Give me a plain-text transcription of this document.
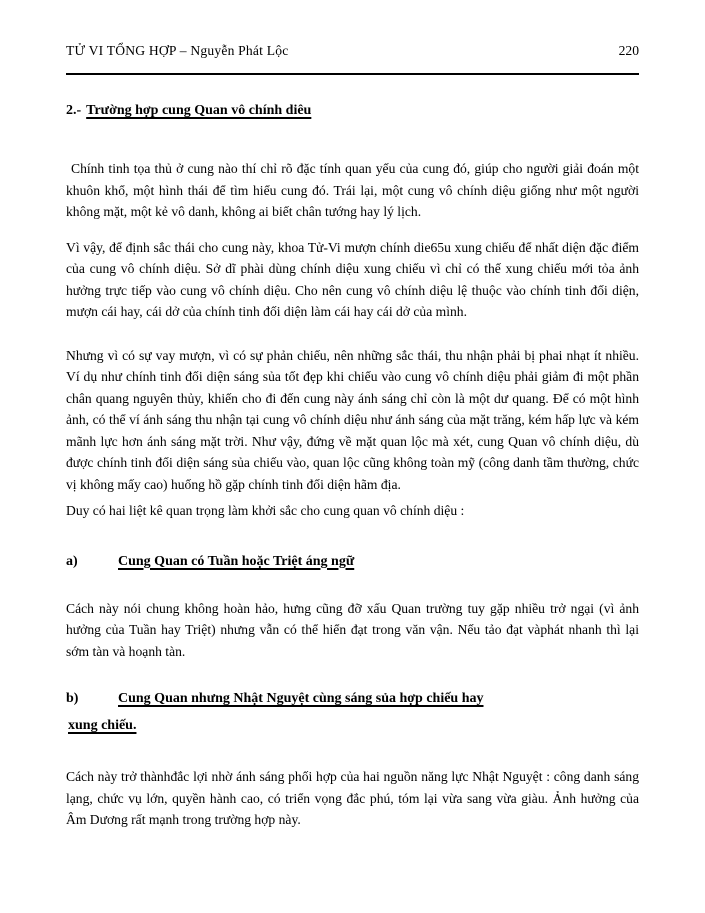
TỬ VI TỔNG HỢP – Nguyễn Phát Lộc	220
2.- Trường hợp cung Quan vô chính diêu

Chính tinh tọa thủ ở cung nào thí chỉ rõ đặc tính quan yếu của cung đó, giúp cho người giải đoán một khuôn khổ, một hình thái để tìm hiểu cung đó. Trái lại, một cung vô chính diệu giống như một người không mặt, một kẻ vô danh, không ai biết chân tướng hay lý lịch.

Vì vậy, để định sắc thái cho cung này, khoa Tử-Vi mượn chính die65u xung chiếu để nhất diện đặc điểm của cung vô chính diệu. Sở dĩ phài dùng chính diệu xung chiếu vì chỉ có thế xung chiếu mới tỏa ảnh hưởng trực tiếp vào cung vô chính diệu. Cho nên cung vô chính diệu lệ thuộc vào chính tinh đối diện, mượn cái hay, cái dở của chính tinh đối diện làm cái hay cái dở của mình.

Nhưng vì có sự vay mượn, vì có sự phản chiếu, nên những sắc thái, thu nhận phải bị phai nhạt ít nhiều. Ví dụ như chính tinh đối diện sáng sủa tốt đẹp khi chiếu vào cung vô chính diệu phải giảm đi một phần chân quang nguyên thủy, khiến cho đi đến cung này ánh sáng chỉ còn là một dư quang. Để có một hình ảnh, có thể ví ánh sáng thu nhận tại cung vô chính diệu như ánh sáng của mặt trăng, kém hấp lực và kém mãnh lực hơn ánh sáng mặt trời. Như vậy, đứng về mặt quan lộc mà xét, cung Quan vô chính diệu, dù được chính tinh đối diện sáng sủa chiếu vào, quan lộc cũng không toàn mỹ (công danh tầm thường, chức vị không mấy cao) huống hồ gặp chính tinh đối diện hãm địa.

Duy có hai liệt kê quan trọng làm khởi sắc cho cung quan vô chính diệu :

a)	Cung Quan có Tuần hoặc Triệt áng ngữ

Cách này nói chung không hoàn hảo, hưng cũng đỡ xấu Quan trường tuy gặp nhiều trở ngại (vì ảnh hưởng của Tuần hay Triệt) nhưng vẫn có thể hiển đạt trong văn vận. Nếu tảo đạt vàphát nhanh thì lại sớm tàn và hoạnh tàn.

b)	Cung Quan nhưng Nhật Nguyệt cùng sáng sủa hợp chiếu hay
xung chiếu.

Cách này trở thànhđắc lợi nhờ ánh sáng phối hợp của hai nguồn năng lực Nhật Nguyệt : công danh sáng lạng, chức vụ lớn, quyền hành cao, có triển vọng đắc phú, tóm lại vừa sang vừa giàu. Ảnh hưởng của Âm Dương rất mạnh trong trường hợp này.
